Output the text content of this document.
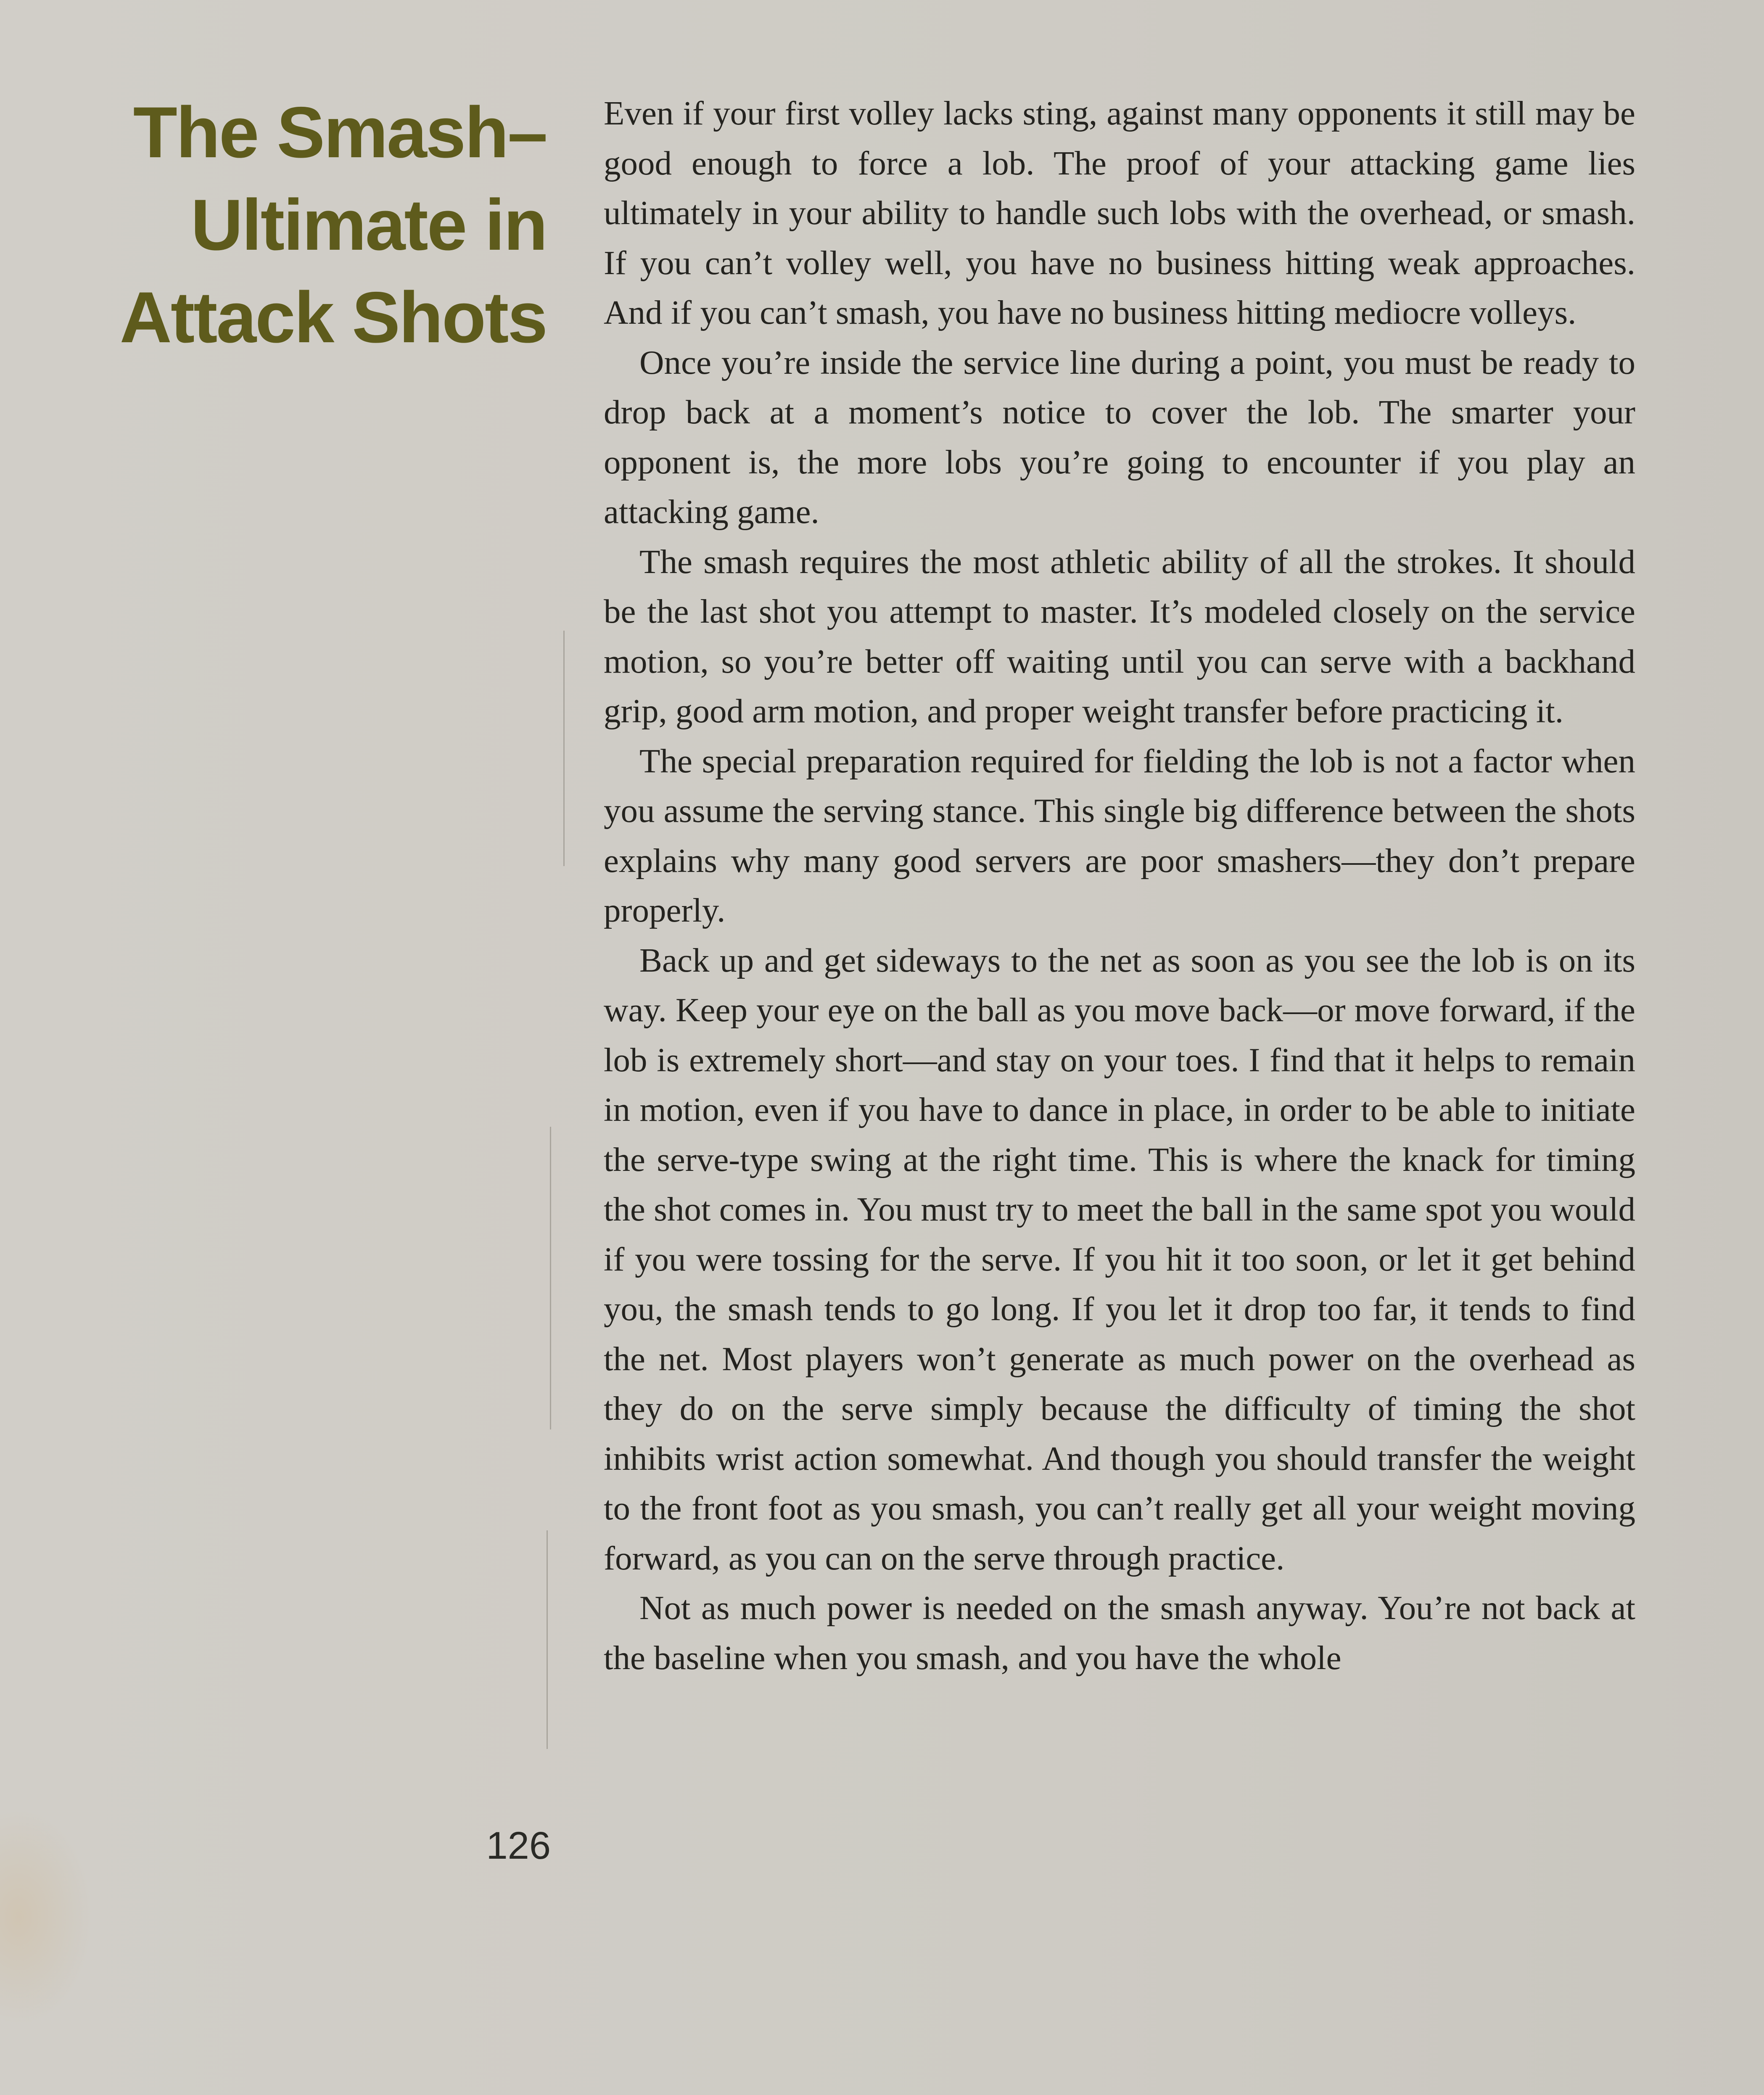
The Smash–
Ultimate in
Attack Shots
126

Even if your first volley lacks sting, against many opponents it still may be good enough to force a lob. The proof of your attacking game lies ultimately in your ability to handle such lobs with the overhead, or smash. If you can’t volley well, you have no business hitting weak approaches. And if you can’t smash, you have no business hitting mediocre volleys.

Once you’re inside the service line during a point, you must be ready to drop back at a moment’s notice to cover the lob. The smarter your opponent is, the more lobs you’re going to encounter if you play an attacking game.

The smash requires the most athletic ability of all the strokes. It should be the last shot you attempt to master. It’s modeled closely on the service motion, so you’re better off waiting until you can serve with a backhand grip, good arm motion, and proper weight transfer before practicing it.

The special preparation required for fielding the lob is not a factor when you assume the serving stance. This single big difference between the shots explains why many good servers are poor smashers—they don’t prepare properly.

Back up and get sideways to the net as soon as you see the lob is on its way. Keep your eye on the ball as you move back—or move forward, if the lob is extremely short—and stay on your toes. I find that it helps to remain in motion, even if you have to dance in place, in order to be able to initiate the serve-type swing at the right time. This is where the knack for timing the shot comes in. You must try to meet the ball in the same spot you would if you were tossing for the serve. If you hit it too soon, or let it get behind you, the smash tends to go long. If you let it drop too far, it tends to find the net. Most players won’t generate as much power on the overhead as they do on the serve simply because the difficulty of timing the shot inhibits wrist action somewhat. And though you should transfer the weight to the front foot as you smash, you can’t really get all your weight moving forward, as you can on the serve through practice.

Not as much power is needed on the smash anyway. You’re not back at the baseline when you smash, and you have the whole
